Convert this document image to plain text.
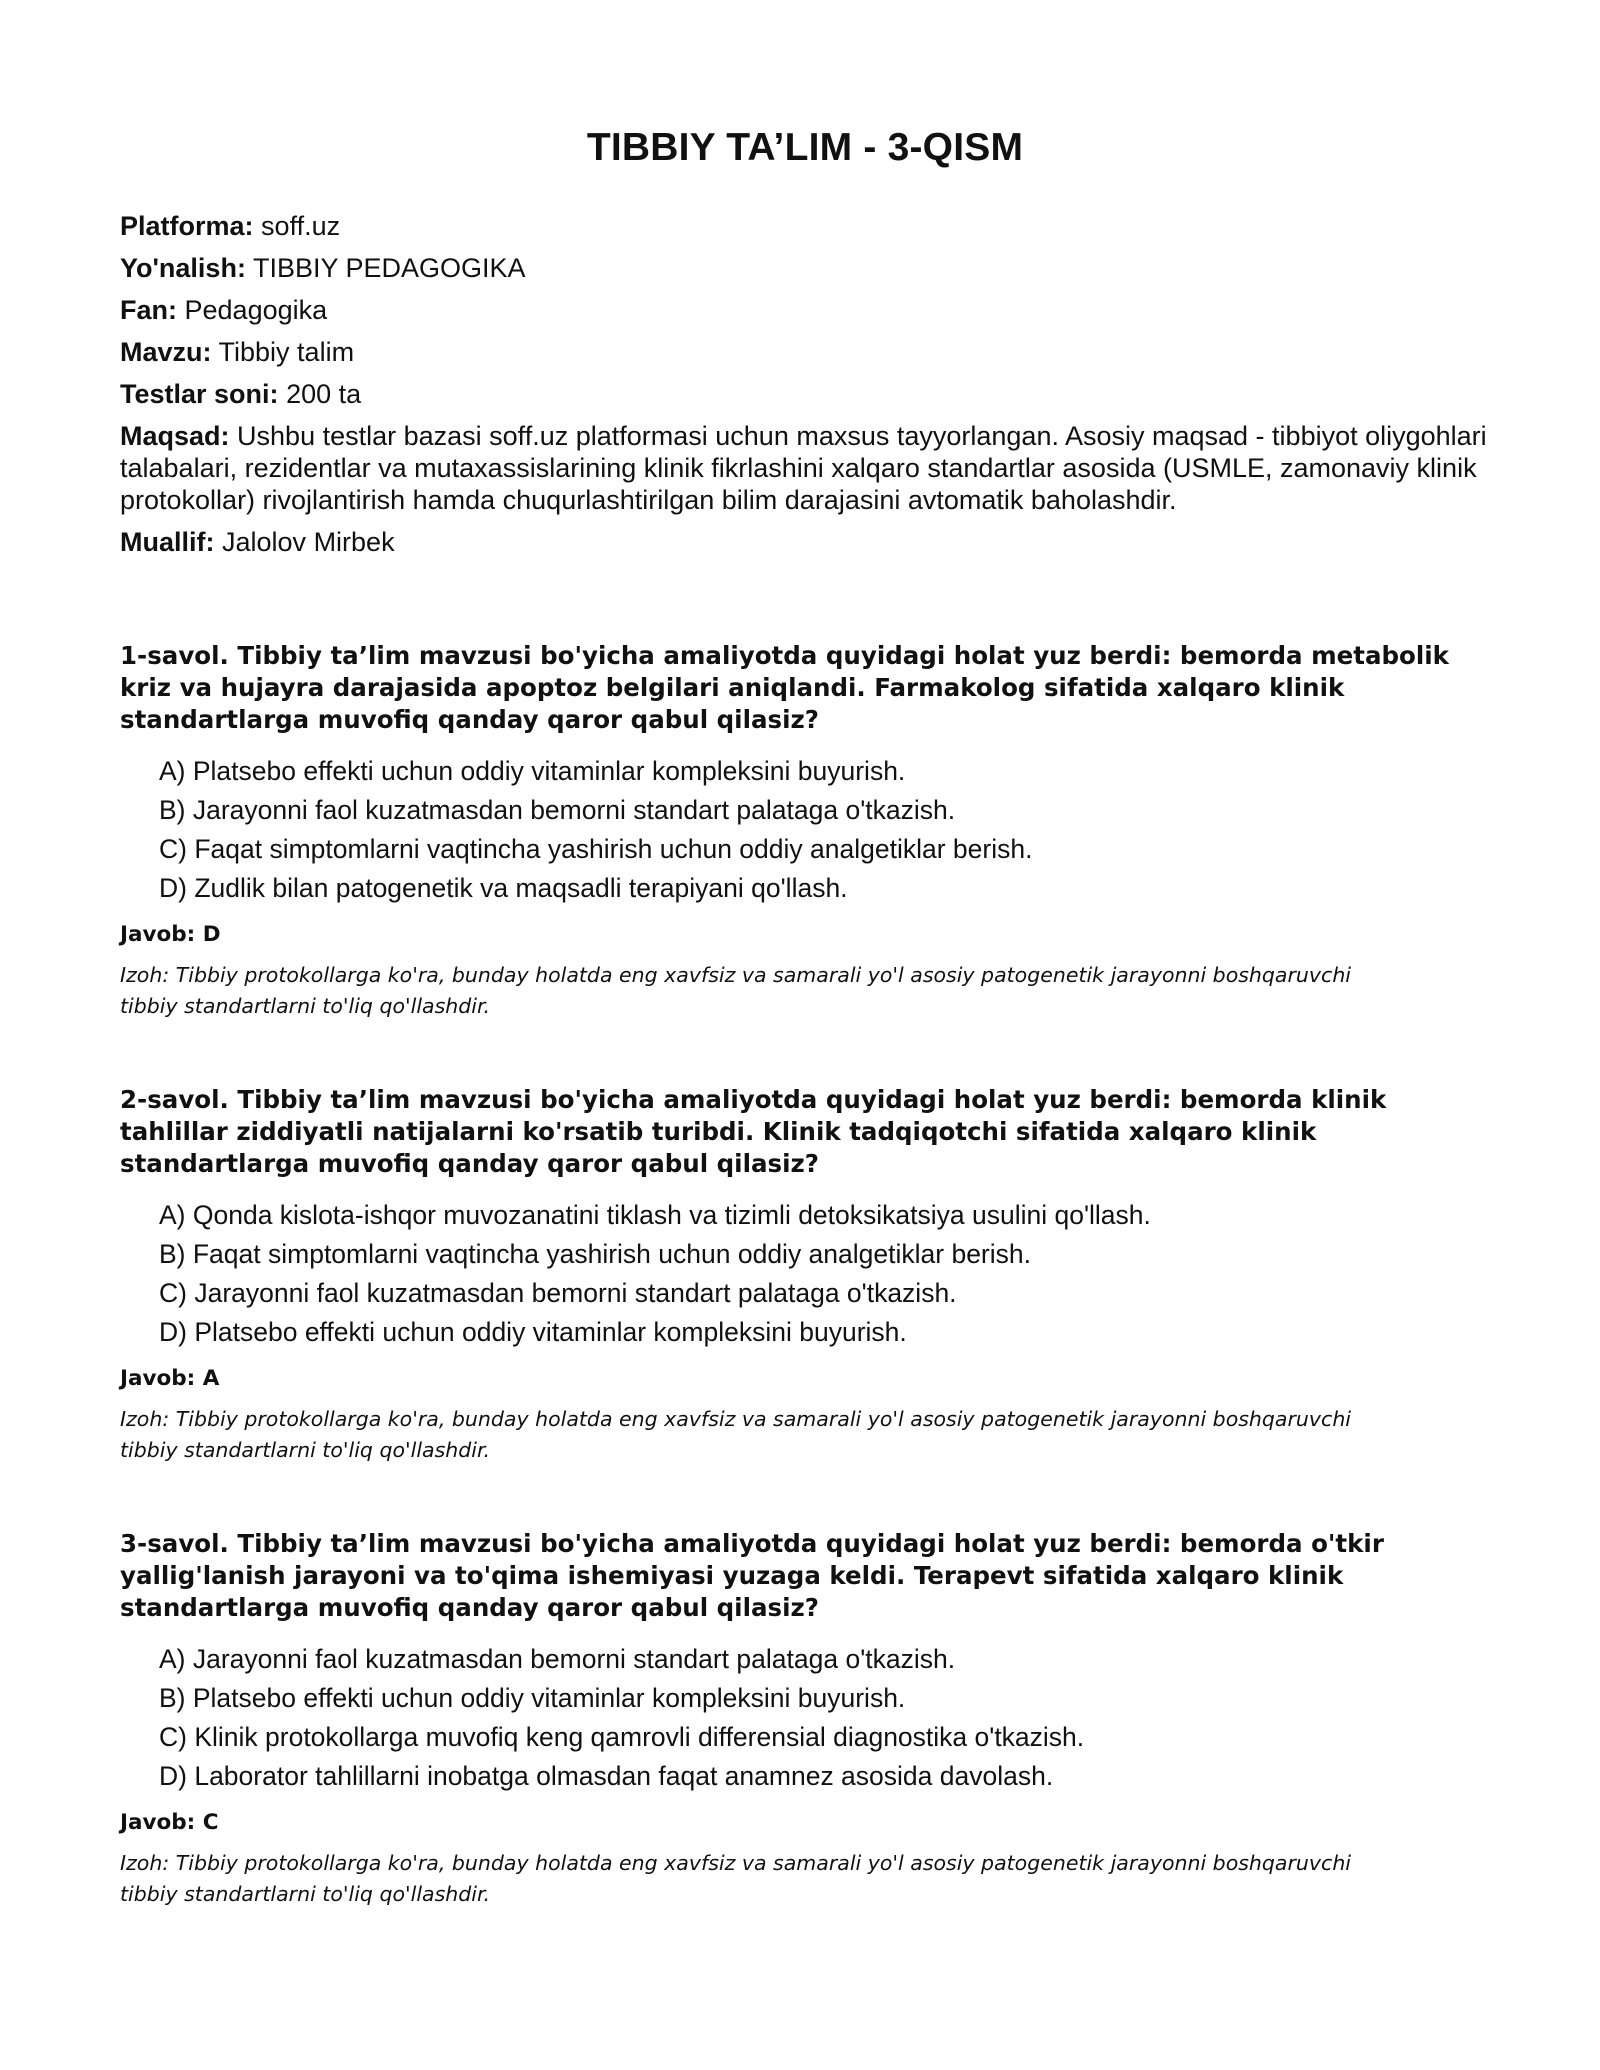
TIBBIY TA’LIM - 3-QISM
Platforma: soff.uz
Yo'nalish: TIBBIY PEDAGOGIKA
Fan: Pedagogika
Mavzu: Tibbiy talim
Testlar soni: 200 ta
Maqsad: Ushbu testlar bazasi soff.uz platformasi uchun maxsus tayyorlangan. Asosiy maqsad - tibbiyot oliygohlari talabalari, rezidentlar va mutaxassislarining klinik fikrlashini xalqaro standartlar asosida (USMLE, zamonaviy klinik protokollar) rivojlantirish hamda chuqurlashtirilgan bilim darajasini avtomatik baholashdir.
Muallif: Jalolov Mirbek
1-savol. Tibbiy ta’lim mavzusi bo'yicha amaliyotda quyidagi holat yuz berdi: bemorda metabolik kriz va hujayra darajasida apoptoz belgilari aniqlandi. Farmakolog sifatida xalqaro klinik standartlarga muvofiq qanday qaror qabul qilasiz?
A) Platsebo effekti uchun oddiy vitaminlar kompleksini buyurish.
B) Jarayonni faol kuzatmasdan bemorni standart palataga o'tkazish.
C) Faqat simptomlarni vaqtincha yashirish uchun oddiy analgetiklar berish.
D) Zudlik bilan patogenetik va maqsadli terapiyani qo'llash.
Javob: D
Izoh: Tibbiy protokollarga ko'ra, bunday holatda eng xavfsiz va samarali yo'l asosiy patogenetik jarayonni boshqaruvchi tibbiy standartlarni to'liq qo'llashdir.
2-savol. Tibbiy ta’lim mavzusi bo'yicha amaliyotda quyidagi holat yuz berdi: bemorda klinik tahlillar ziddiyatli natijalarni ko'rsatib turibdi. Klinik tadqiqotchi sifatida xalqaro klinik standartlarga muvofiq qanday qaror qabul qilasiz?
A) Qonda kislota-ishqor muvozanatini tiklash va tizimli detoksikatsiya usulini qo'llash.
B) Faqat simptomlarni vaqtincha yashirish uchun oddiy analgetiklar berish.
C) Jarayonni faol kuzatmasdan bemorni standart palataga o'tkazish.
D) Platsebo effekti uchun oddiy vitaminlar kompleksini buyurish.
Javob: A
Izoh: Tibbiy protokollarga ko'ra, bunday holatda eng xavfsiz va samarali yo'l asosiy patogenetik jarayonni boshqaruvchi tibbiy standartlarni to'liq qo'llashdir.
3-savol. Tibbiy ta’lim mavzusi bo'yicha amaliyotda quyidagi holat yuz berdi: bemorda o'tkir yallig'lanish jarayoni va to'qima ishemiyasi yuzaga keldi. Terapevt sifatida xalqaro klinik standartlarga muvofiq qanday qaror qabul qilasiz?
A) Jarayonni faol kuzatmasdan bemorni standart palataga o'tkazish.
B) Platsebo effekti uchun oddiy vitaminlar kompleksini buyurish.
C) Klinik protokollarga muvofiq keng qamrovli differensial diagnostika o'tkazish.
D) Laborator tahlillarni inobatga olmasdan faqat anamnez asosida davolash.
Javob: C
Izoh: Tibbiy protokollarga ko'ra, bunday holatda eng xavfsiz va samarali yo'l asosiy patogenetik jarayonni boshqaruvchi tibbiy standartlarni to'liq qo'llashdir.
